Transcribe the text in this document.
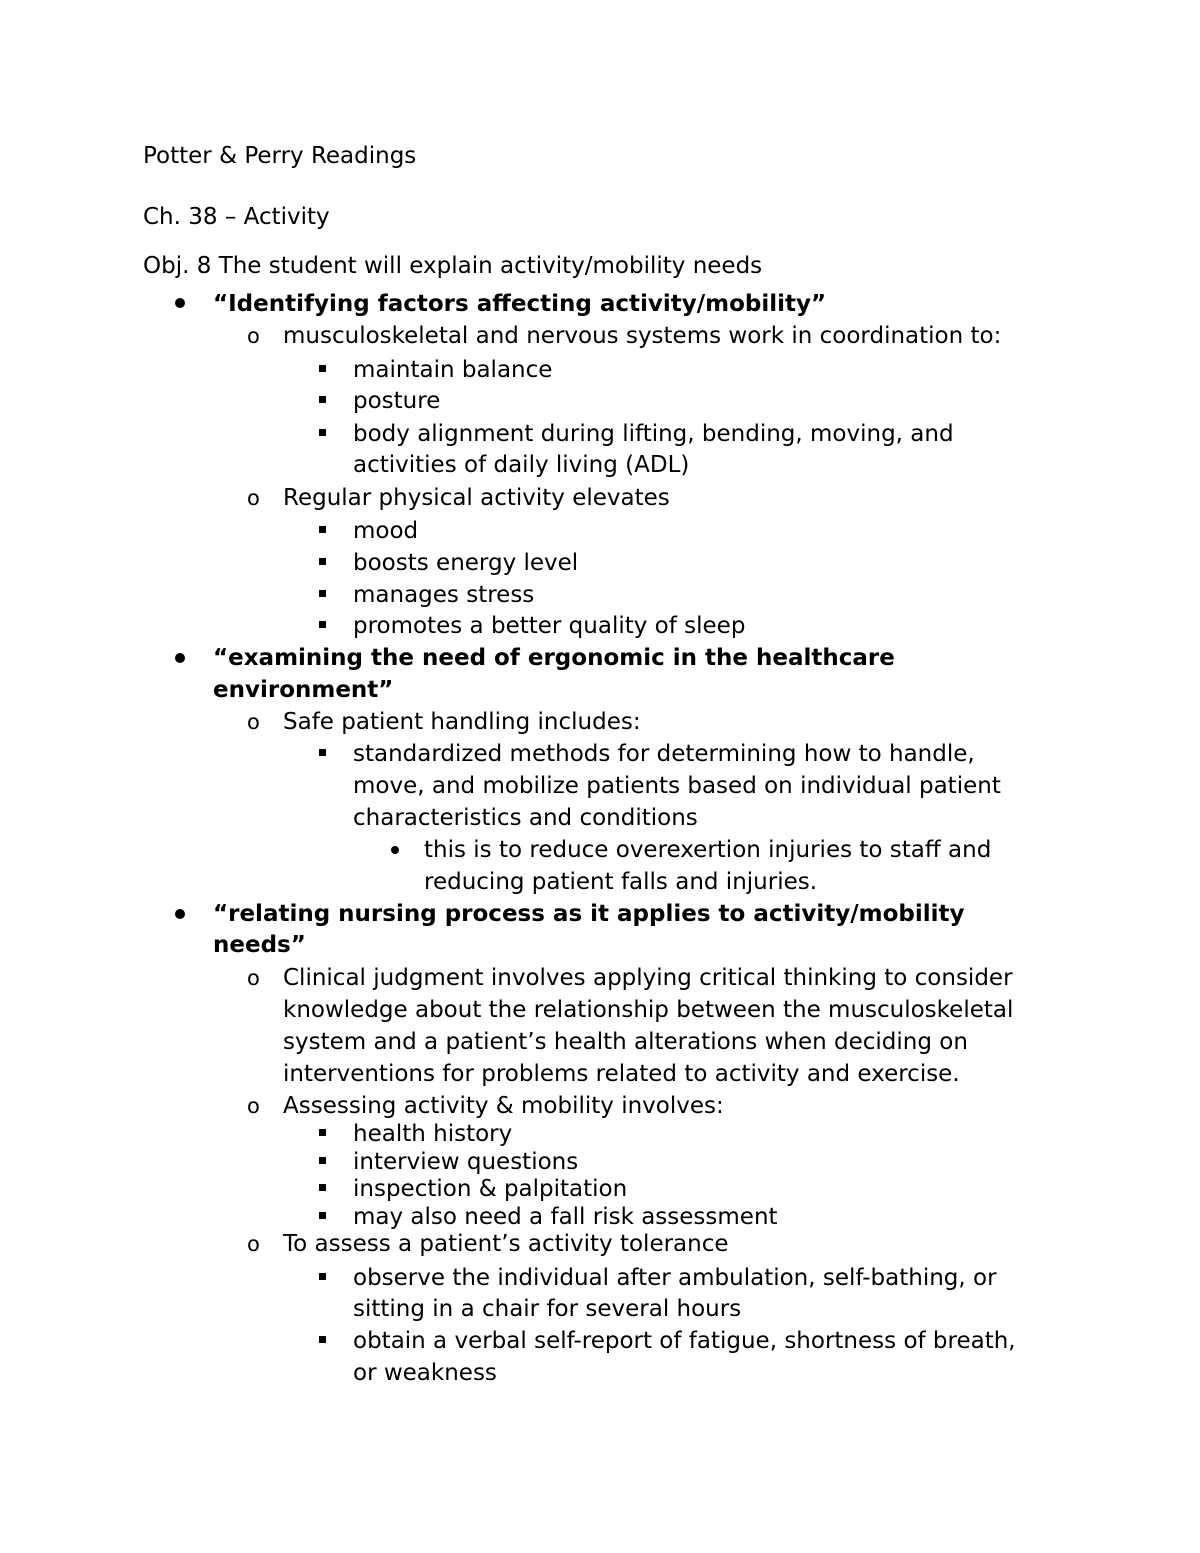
Potter & Perry Readings
Ch. 38 – Activity
Obj. 8 The student will explain activity/mobility needs
“Identifying factors affecting activity/mobility”
o musculoskeletal and nervous systems work in coordination to:
maintain balance
posture
body alignment during lifting, bending, moving, and
activities of daily living (ADL)
o Regular physical activity elevates
mood
boosts energy level
manages stress
promotes a better quality of sleep
“examining the need of ergonomic in the healthcare
environment”
o Safe patient handling includes:
standardized methods for determining how to handle,
move, and mobilize patients based on individual patient
characteristics and conditions
this is to reduce overexertion injuries to staff and
reducing patient falls and injuries.
“relating nursing process as it applies to activity/mobility
needs”
o Clinical judgment involves applying critical thinking to consider
knowledge about the relationship between the musculoskeletal
system and a patient’s health alterations when deciding on
interventions for problems related to activity and exercise.
o Assessing activity & mobility involves:
health history
interview questions
inspection & palpitation
may also need a fall risk assessment
o To assess a patient’s activity tolerance
observe the individual after ambulation, self-bathing, or
sitting in a chair for several hours
obtain a verbal self-report of fatigue, shortness of breath,
or weakness
